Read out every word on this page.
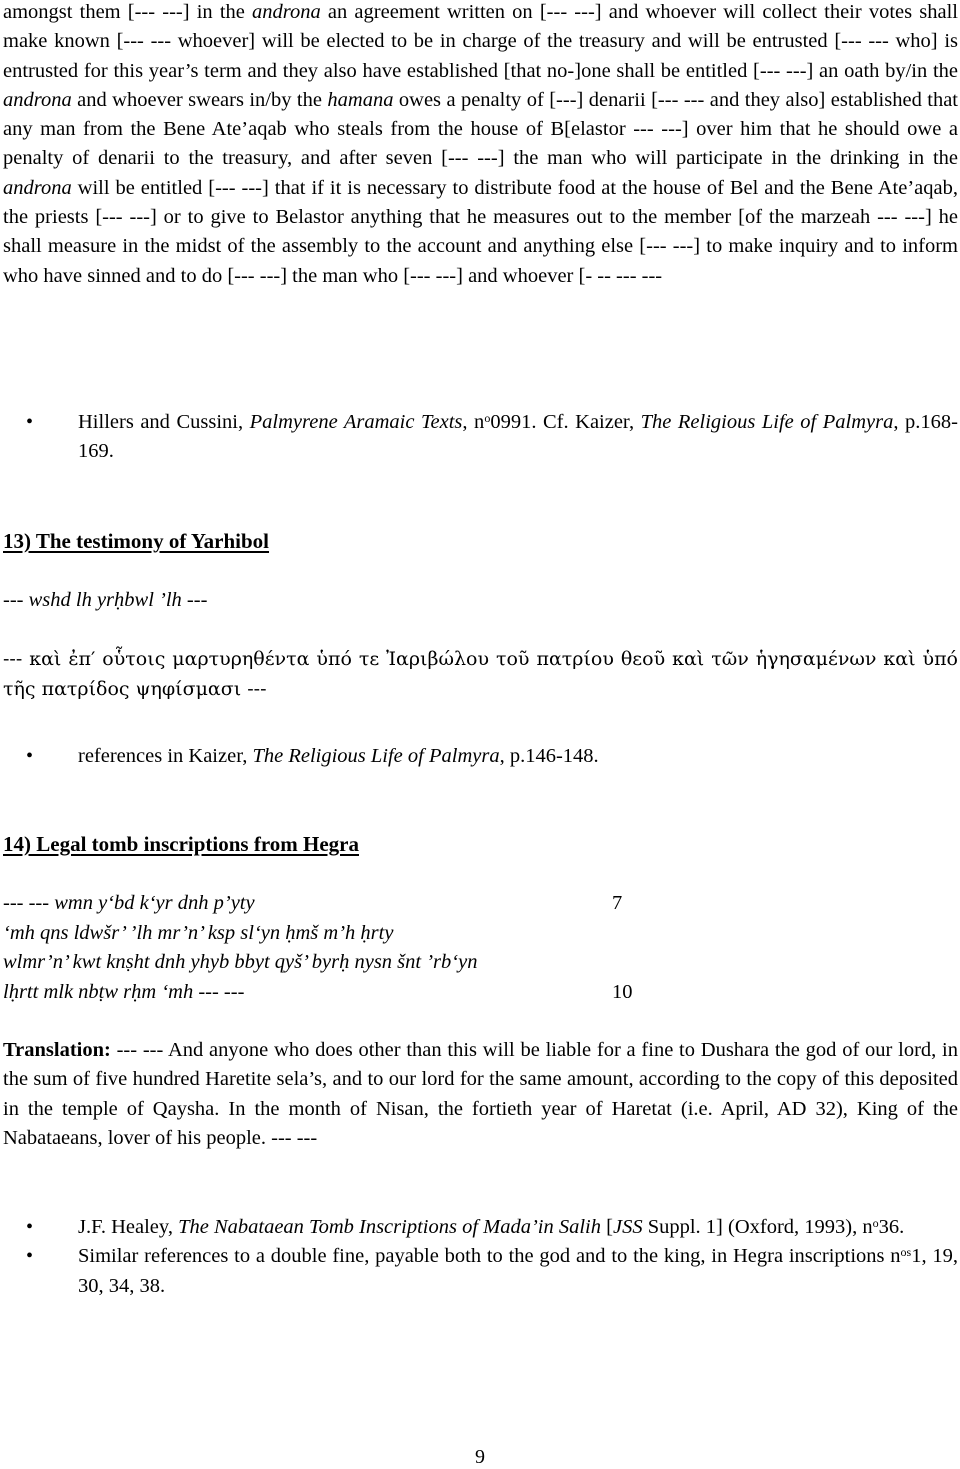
amongst them [--- ---] in the androna an agreement written on [--- ---] and whoever will collect their votes shall make known [--- --- whoever] will be elected to be in charge of the treasury and will be entrusted [--- --- who] is entrusted for this year’s term and they also have established [that no-]one shall be entitled [--- ---] an oath by/in the androna and whoever swears in/by the hamana owes a penalty of [---] denarii [--- --- and they also] established that any man from the Bene Ate’aqab who steals from the house of B[elastor --- ---] over him that he should owe a penalty of denarii to the treasury, and after seven [--- ---] the man who will participate in the drinking in the androna will be entitled [--- ---] that if it is necessary to distribute food at the house of Bel and the Bene Ate’aqab, the priests [--- ---] or to give to Belastor anything that he measures out to the member [of the marzeah --- ---] he shall measure in the midst of the assembly to the account and anything else [--- ---] to make inquiry and to inform who have sinned and to do [--- ---] the man who [--- ---] and whoever [- -- --- ---

• Hillers and Cussini, Palmyrene Aramaic Texts, $n^o0991$. Cf. Kaizer, The Religious Life of Palmyra, p.168-169.
13) The testimony of Yarhibol
--- wshd lh yrḥbwl ’lh ---

--- καὶ ἐπ′ οὗτοις μαρτυρηθέντα ὑπό τε Ἰαριβώλου τοῦ πατρίου θεοῦ καὶ τῶν ἡγησαμένων καὶ ὑπό τῆς πατρίδος ψηφίσμασι ---

• references in Kaizer, The Religious Life of Palmyra, p.146-148.
14) Legal tomb inscriptions from Hegra
--- --- wmn y‘bd k‘yr dnh p’yty	7
‘mh qns ldwšr’ ’lh mr’n’ ksp sl‘yn ḥmš m’h ḥrty
wlmr’n’ kwt knṣht dnh yhyb bbyt qyš’ byrḥ nysn šnt ’rb‘yn
lḥrtt mlk nbṭw rḥm ‘mh --- ---	10

Translation: --- --- And anyone who does other than this will be liable for a fine to Dushara the god of our lord, in the sum of five hundred Haretite sela’s, and to our lord for the same amount, according to the copy of this deposited in the temple of Qaysha. In the month of Nisan, the fortieth year of Haretat (i.e. April, AD 32), King of the Nabataeans, lover of his people. --- ---

• J.F. Healey, The Nabataean Tomb Inscriptions of Mada’in Salih [JSS Suppl. 1] (Oxford, 1993), $n^o36$.
• Similar references to a double fine, payable both to the god and to the king, in Hegra inscriptions $n^{os}1$, 19, 30, 34, 38.
9
